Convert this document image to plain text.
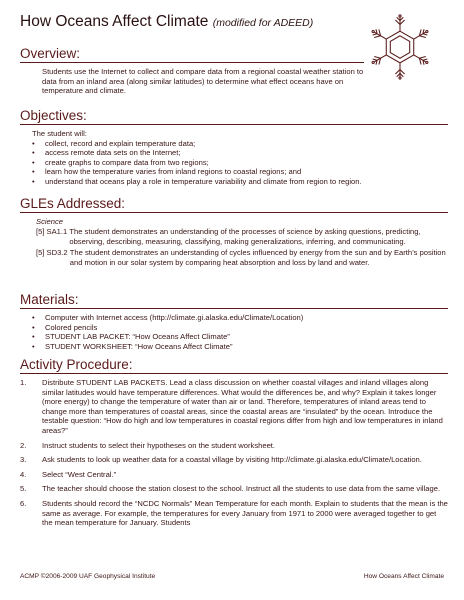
How Oceans Affect Climate (modified for ADEED)
Overview:
Students use the Internet to collect and compare data from a regional coastal weather station to data from an inland area (along similar latitudes) to determine what effect oceans have on temperature and climate.
Objectives:
The student will:
• collect, record and explain temperature data;
• access remote data sets on the Internet;
• create graphs to compare data from two regions;
• learn how the temperature varies from inland regions to coastal regions; and
• understand that oceans play a role in temperature variability and climate from region to region.
GLEs Addressed:
Science
[5] SA1.1 The student demonstrates an understanding of the processes of science by asking questions, predicting, observing, describing, measuring, classifying, making generalizations, inferring, and communicating.
[5] SD3.2 The student demonstrates an understanding of cycles influenced by energy from the sun and by Earth’s position and motion in our solar system by comparing heat absorption and loss by land and water.
Materials:
• Computer with Internet access (http://climate.gi.alaska.edu/Climate/Location)
• Colored pencils
• STUDENT LAB PACKET: “How Oceans Affect Climate”
• STUDENT WORKSHEET: “How Oceans Affect Climate”
Activity Procedure:
1.	Distribute STUDENT LAB PACKETS. Lead a class discussion on whether coastal villages and inland villages along similar latitudes would have temperature differences. What would the differences be, and why? Explain it takes longer (more energy) to change the temperature of water than air or land. Therefore, temperatures of inland areas tend to change more than temperatures of coastal areas, since the coastal areas are “insulated” by the ocean. Introduce the testable question: “How do high and low temperatures in coastal regions differ from high and low temperatures in inland areas?”
2.	Instruct students to select their hypotheses on the student worksheet.
3.	Ask students to look up weather data for a coastal village by visiting http://climate.gi.alaska.edu/Climate/Location.
4.	Select “West Central.”
5.	The teacher should choose the station closest to the school. Instruct all the students to use data from the same village.
6.	Students should record the “NCDC Normals” Mean Temperature for each month. Explain to students that the mean is the same as average. For example, the temperatures for every January from 1971 to 2000 were averaged together to get the mean temperature for January. Students
ACMP ©2006-2009 UAF Geophysical Institute	How Oceans Affect Climate
